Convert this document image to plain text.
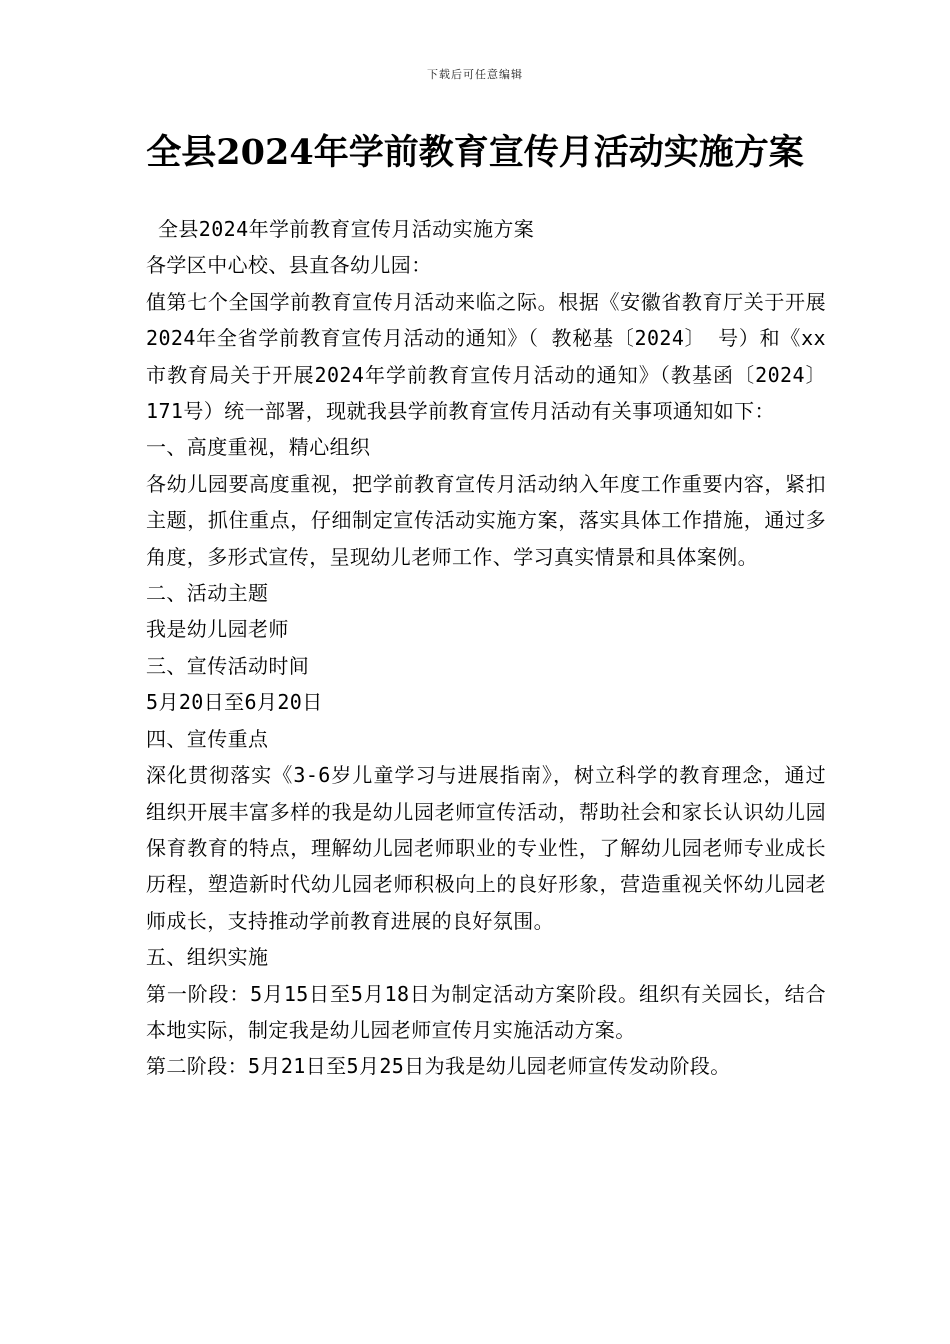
下载后可任意编辑
全县2024年学前教育宣传月活动实施方案

全县2024年学前教育宣传月活动实施方案

各学区中心校、县直各幼儿园：

值第七个全国学前教育宣传月活动来临之际。根据《安徽省教育厅关于开展2024年全省学前教育宣传月活动的通知》（ 教秘基〔2024〕 号）和《xx市教育局关于开展2024年学前教育宣传月活动的通知》（教基函〔2024〕171号）统一部署，现就我县学前教育宣传月活动有关事项通知如下：

一、高度重视，精心组织

各幼儿园要高度重视，把学前教育宣传月活动纳入年度工作重要内容，紧扣主题，抓住重点，仔细制定宣传活动实施方案，落实具体工作措施，通过多角度，多形式宣传，呈现幼儿老师工作、学习真实情景和具体案例。

二、活动主题

我是幼儿园老师

三、宣传活动时间

5月20日至6月20日

四、宣传重点

深化贯彻落实《3-6岁儿童学习与进展指南》，树立科学的教育理念，通过组织开展丰富多样的我是幼儿园老师宣传活动，帮助社会和家长认识幼儿园保育教育的特点，理解幼儿园老师职业的专业性，了解幼儿园老师专业成长历程，塑造新时代幼儿园老师积极向上的良好形象，营造重视关怀幼儿园老师成长，支持推动学前教育进展的良好氛围。

五、组织实施

第一阶段：5月15日至5月18日为制定活动方案阶段。组织有关园长，结合本地实际，制定我是幼儿园老师宣传月实施活动方案。

第二阶段：5月21日至5月25日为我是幼儿园老师宣传发动阶段。
